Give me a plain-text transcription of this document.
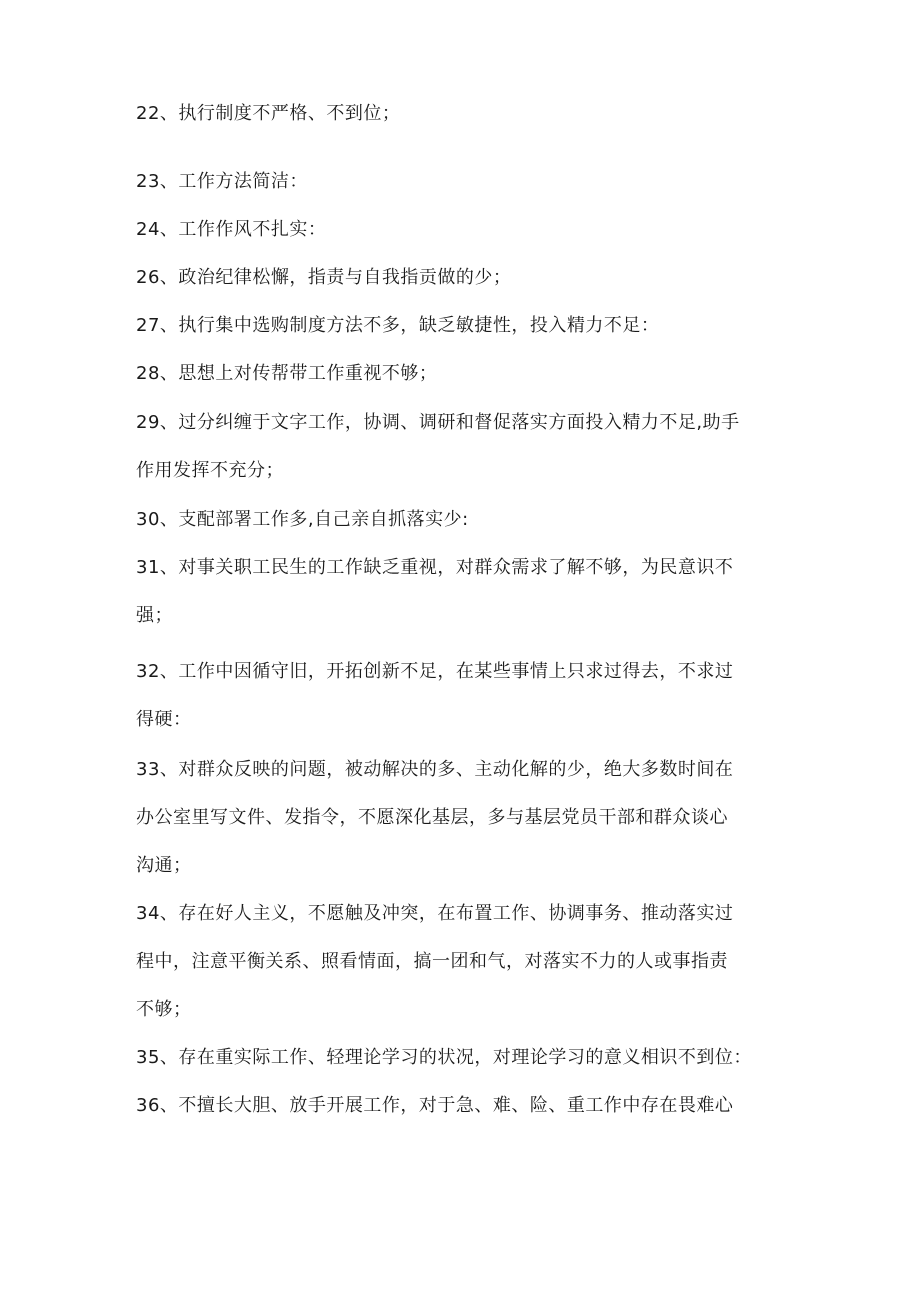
22、执行制度不严格、不到位；
23、工作方法简洁：
24、工作作风不扎实：
26、政治纪律松懈，指责与自我指贡做的少；
27、执行集中选购制度方法不多，缺乏敏捷性，投入精力不足：
28、思想上对传帮带工作重视不够；
29、过分纠缠于文字工作，协调、调研和督促落实方面投入精力不足,助手
作用发挥不充分；
30、支配部署工作多,自己亲自抓落实少:
31、对事关职工民生的工作缺乏重视，对群众需求了解不够，为民意识不
强；
32、工作中因循守旧，开拓创新不足，在某些事情上只求过得去，不求过
得硬：
33、对群众反映的问题，被动解决的多、主动化解的少，绝大多数时间在
办公室里写文件、发指令，不愿深化基层，多与基层党员干部和群众谈心
沟通；
34、存在好人主义，不愿触及冲突，在布置工作、协调事务、推动落实过
程中，注意平衡关系、照看情面，搞一团和气，对落实不力的人或事指责
不够；
35、存在重实际工作、轻理论学习的状况，对理论学习的意义相识不到位：
36、不擅长大胆、放手开展工作，对于急、难、险、重工作中存在畏难心
